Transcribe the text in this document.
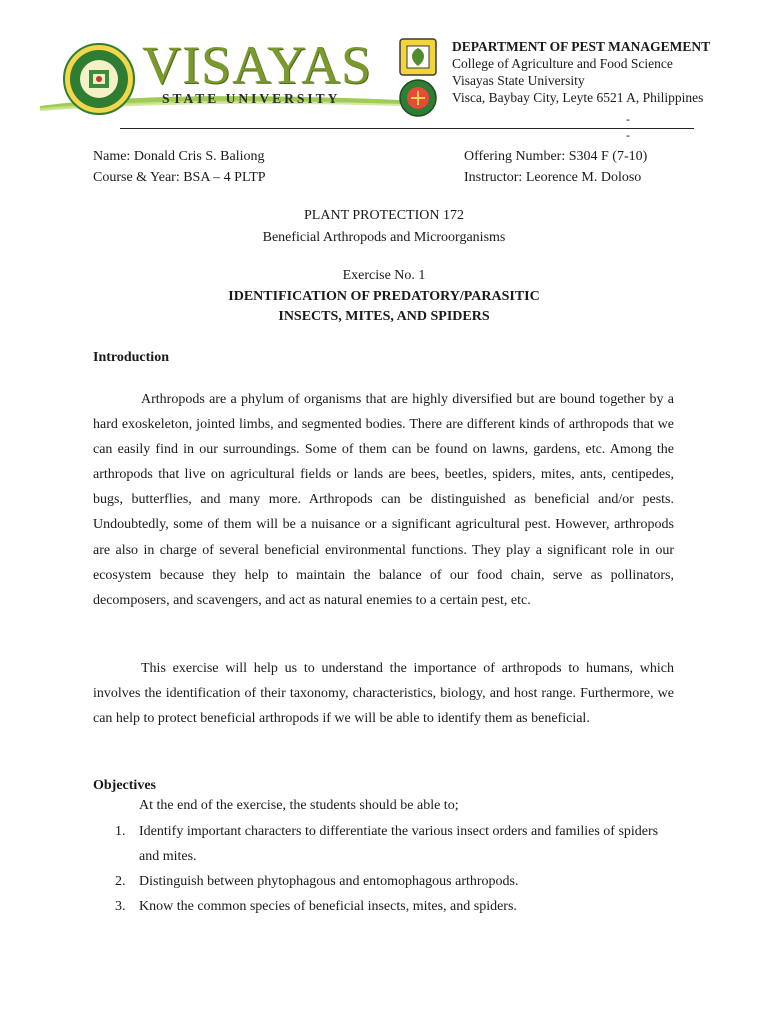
VISAYAS
STATE UNIVERSITY
DEPARTMENT OF PEST MANAGEMENT
College of Agriculture and Food Science
Visayas State University
Visca, Baybay City, Leyte 6521 A, Philippines
-
-
Name: Donald Cris S. Baliong
Course & Year: BSA – 4 PLTP
Offering Number: S304 F (7-10)
Instructor: Leorence M. Doloso
PLANT PROTECTION 172
Beneficial Arthropods and Microorganisms
Exercise No. 1
IDENTIFICATION OF PREDATORY/PARASITIC
INSECTS, MITES, AND SPIDERS
Introduction

Arthropods are a phylum of organisms that are highly diversified but are bound together by a hard exoskeleton, jointed limbs, and segmented bodies. There are different kinds of arthropods that we can easily find in our surroundings. Some of them can be found on lawns, gardens, etc. Among the arthropods that live on agricultural fields or lands are bees, beetles, spiders, mites, ants, centipedes, bugs, butterflies, and many more. Arthropods can be distinguished as beneficial and/or pests. Undoubtedly, some of them will be a nuisance or a significant agricultural pest. However, arthropods are also in charge of several beneficial environmental functions. They play a significant role in our ecosystem because they help to maintain the balance of our food chain, serve as pollinators, decomposers, and scavengers, and act as natural enemies to a certain pest, etc.

This exercise will help us to understand the importance of arthropods to humans, which involves the identification of their taxonomy, characteristics, biology, and host range. Furthermore, we can help to protect beneficial arthropods if we will be able to identify them as beneficial.

Objectives
At the end of the exercise, the students should be able to;
1. Identify important characters to differentiate the various insect orders and families of spiders and mites.
2. Distinguish between phytophagous and entomophagous arthropods.
3. Know the common species of beneficial insects, mites, and spiders.
